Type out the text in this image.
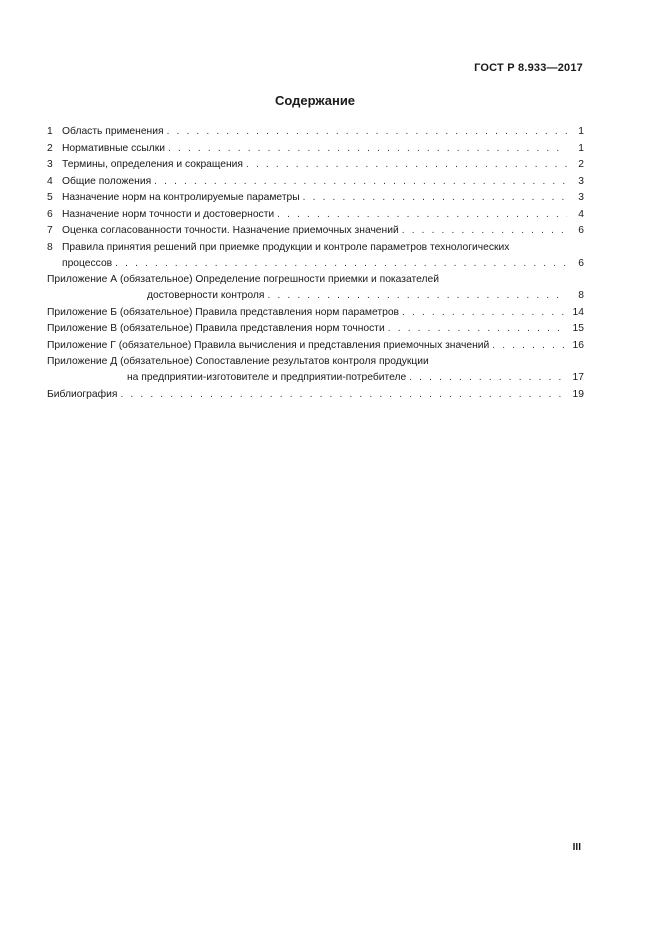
ГОСТ Р 8.933—2017
Содержание
1 Область применения . . .	1
2 Нормативные ссылки . . .	1
3 Термины, определения и сокращения . . .	2
4 Общие положения . . .	3
5 Назначение норм на контролируемые параметры . . .	3
6 Назначение норм точности и достоверности . . .	4
7 Оценка согласованности точности. Назначение приемочных значений . . .	6
8 Правила принятия решений при приемке продукции и контроле параметров технологических
процессов . . .	6
Приложение А (обязательное) Определение погрешности приемки и показателей
достоверности контроля . . .	8
Приложение Б (обязательное) Правила представления норм параметров . . .	14
Приложение В (обязательное) Правила представления норм точности . . .	15
Приложение Г (обязательное) Правила вычисления и представления приемочных значений . . .	16
Приложение Д (обязательное) Сопоставление результатов контроля продукции
на предприятии-изготовителе и предприятии-потребителе . . .	17
Библиография . . .	19
III
